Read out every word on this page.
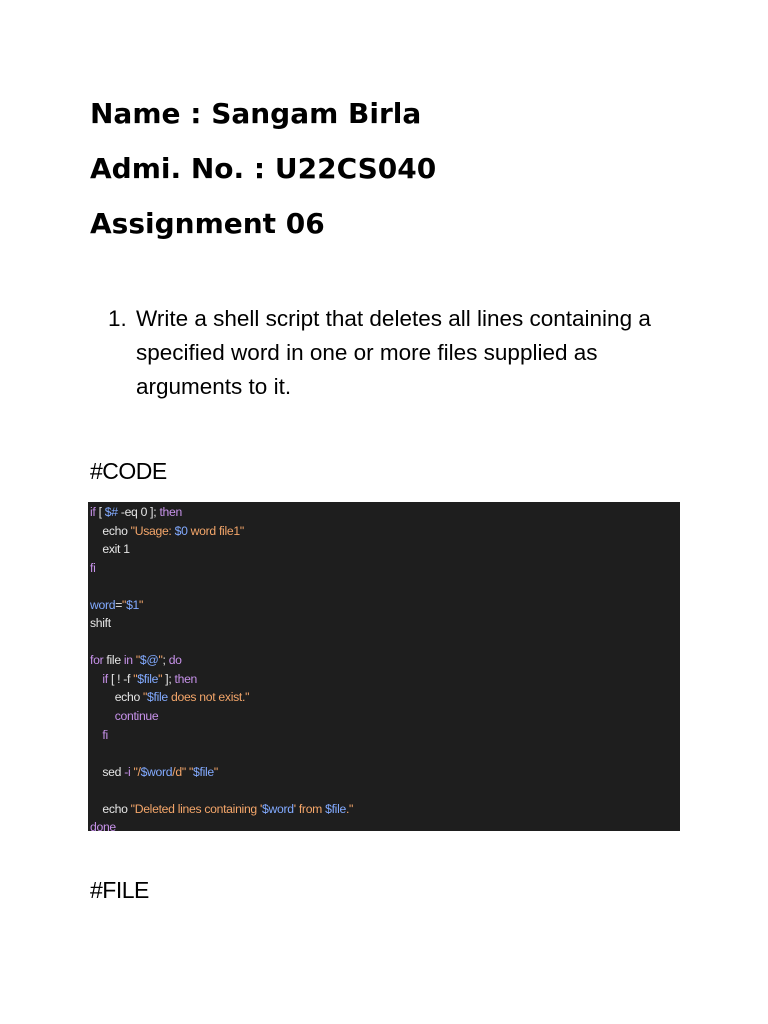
Name : Sangam Birla
Admi. No. : U22CS040
Assignment 06
1. Write a shell script that deletes all lines containing a specified word in one or more files supplied as arguments to it.
#CODE
if [ $# -eq 0 ]; then
echo "Usage: $0 word file1"
exit 1
fi
word="$1"
shift
for file in "$@"; do
if [ ! -f "$file" ]; then
echo "$file does not exist."
continue
fi
sed -i "/$word/d" "$file"
echo "Deleted lines containing '$word' from $file."
done
#FILE
